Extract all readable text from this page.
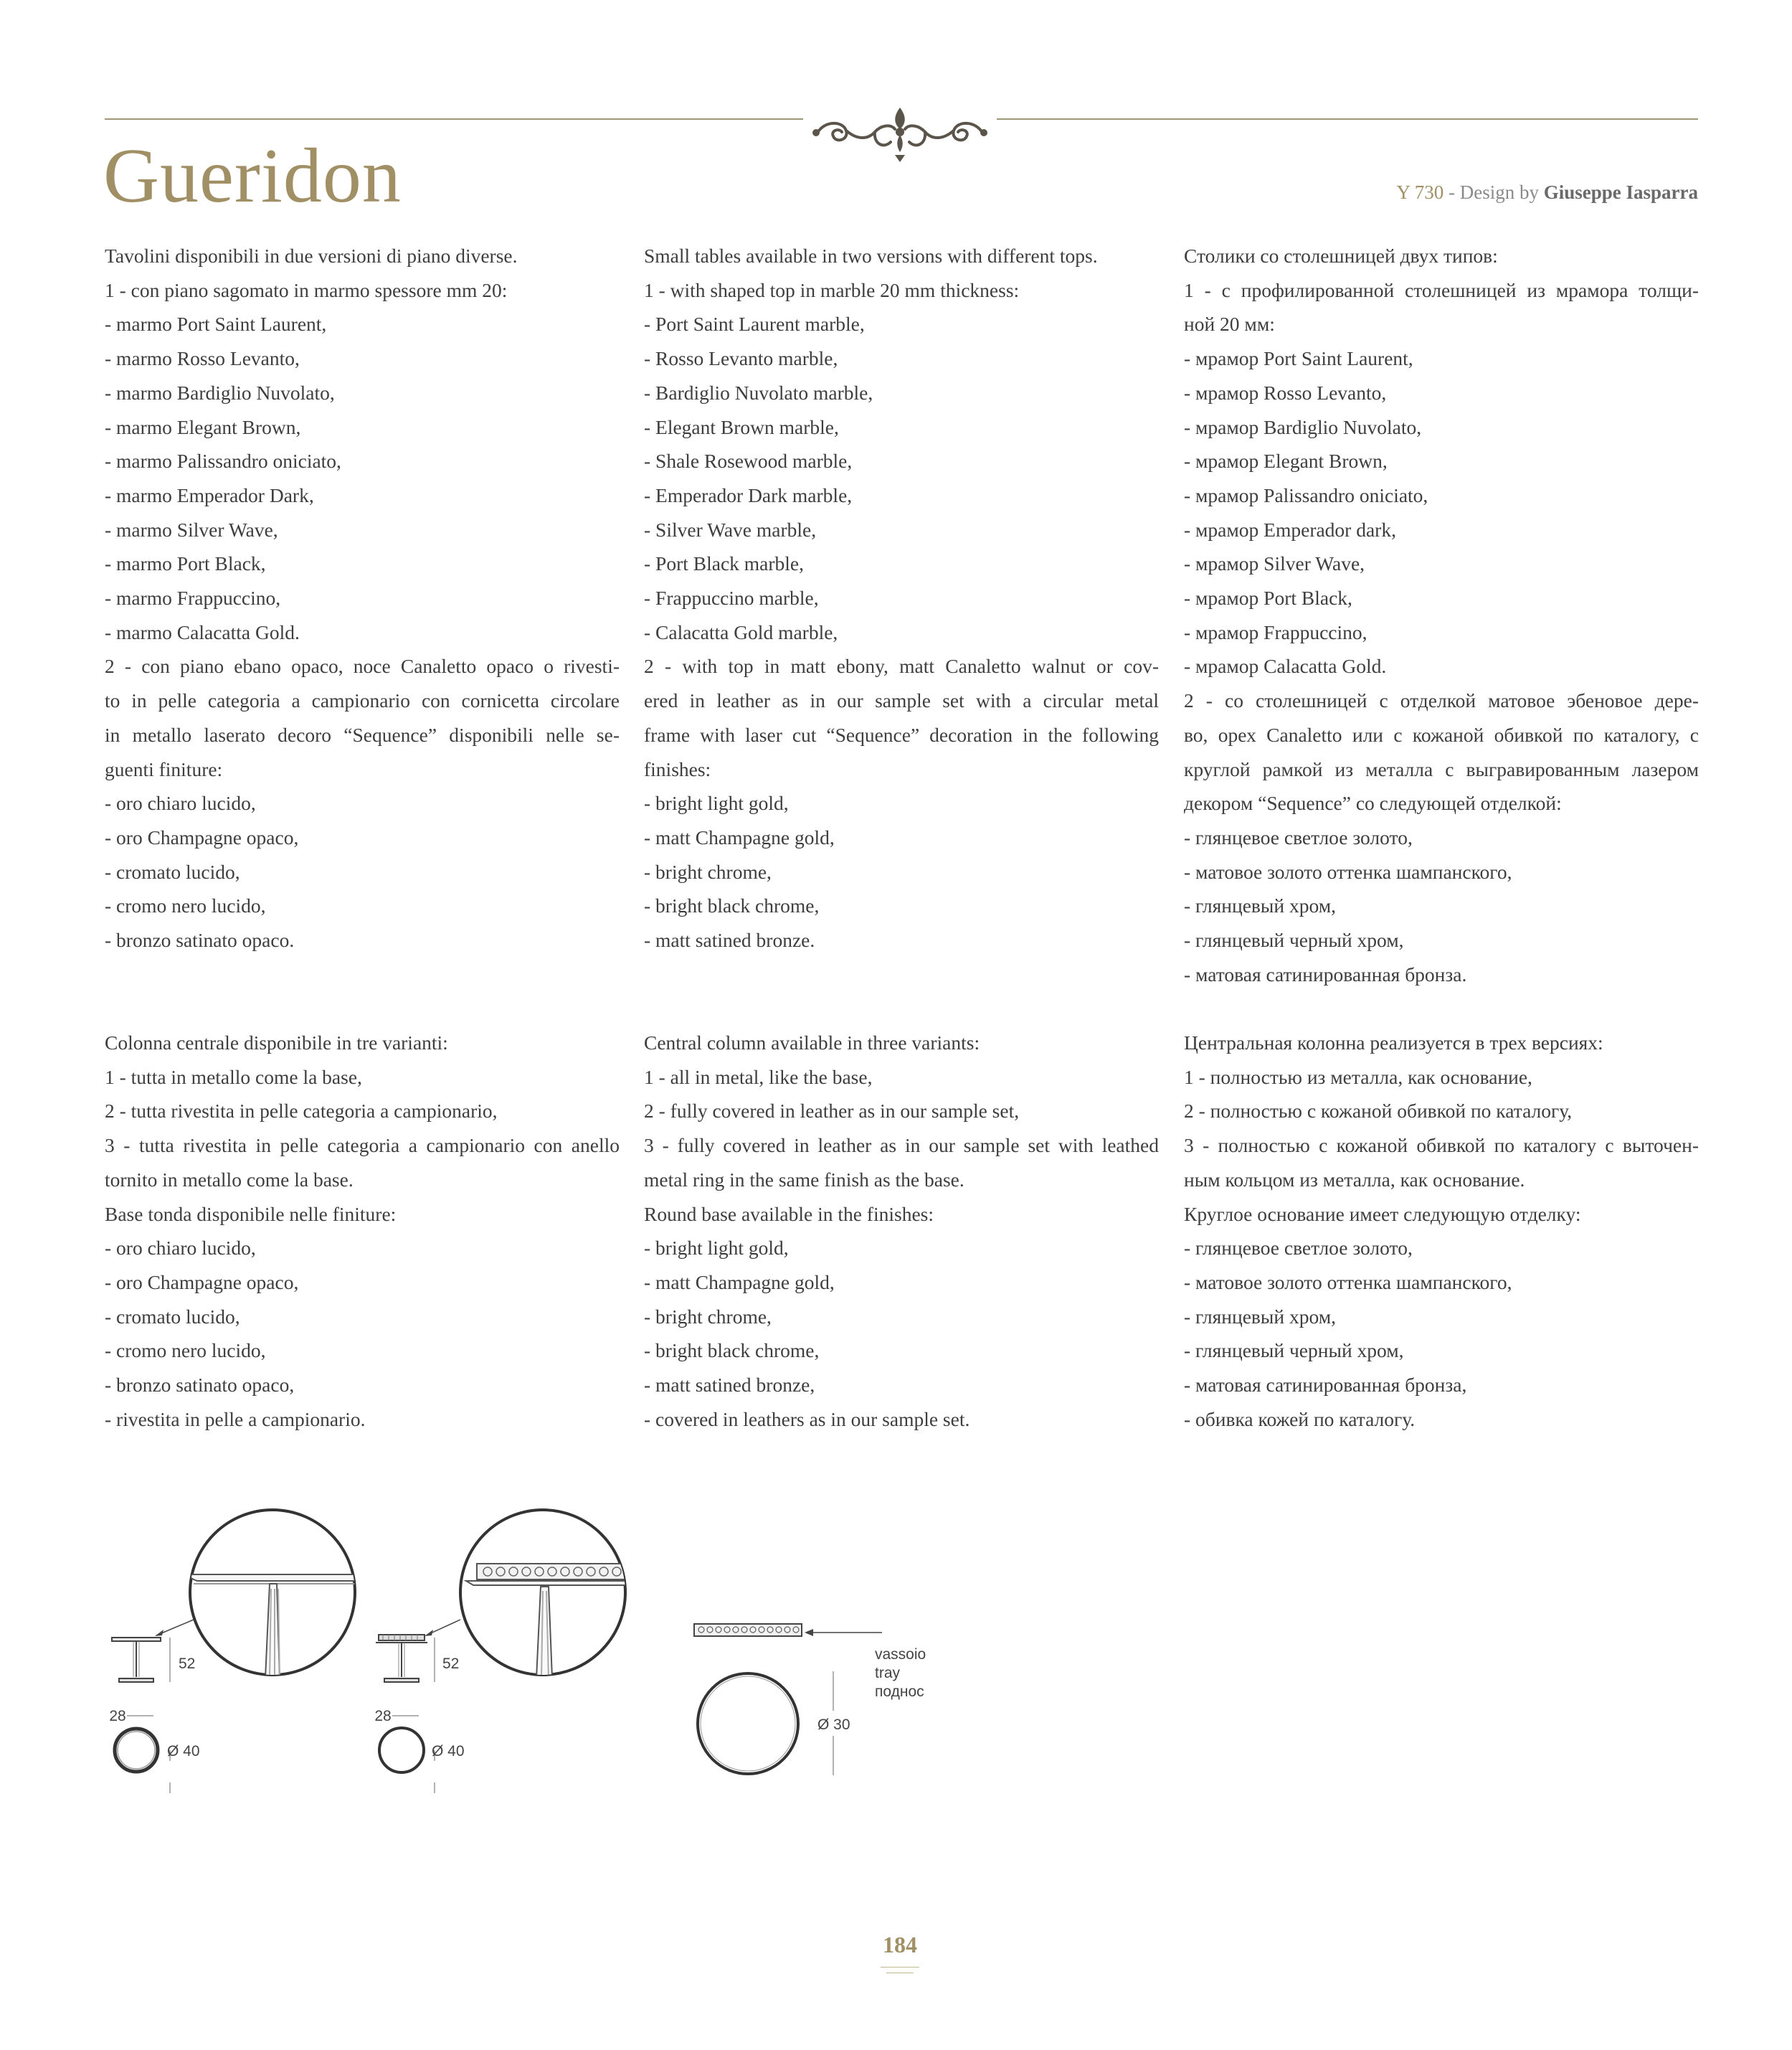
Gueridon	Y 730 - Design by Giuseppe Iasparra
Tavolini disponibili in due versioni di piano diverse.
1 - con piano sagomato in marmo spessore mm 20:
- marmo Port Saint Laurent,
- marmo Rosso Levanto,
- marmo Bardiglio Nuvolato,
- marmo Elegant Brown,
- marmo Palissandro oniciato,
- marmo Emperador Dark,
- marmo Silver Wave,
- marmo Port Black,
- marmo Frappuccino,
- marmo Calacatta Gold.
2 - con piano ebano opaco, noce Canaletto opaco o rivesti-
to in pelle categoria a campionario con cornicetta circolare
in metallo laserato decoro “Sequence” disponibili nelle se-
guenti finiture:
- oro chiaro lucido,
- oro Champagne opaco,
- cromato lucido,
- cromo nero lucido,
- bronzo satinato opaco.
Small tables available in two versions with different tops.
1 - with shaped top in marble 20 mm thickness:
- Port Saint Laurent marble,
- Rosso Levanto marble,
- Bardiglio Nuvolato marble,
- Elegant Brown marble,
- Shale Rosewood marble,
- Emperador Dark marble,
- Silver Wave marble,
- Port Black marble,
- Frappuccino marble,
- Calacatta Gold marble,
2 - with top in matt ebony, matt Canaletto walnut or cov-
ered in leather as in our sample set with a circular metal
frame with laser cut “Sequence” decoration in the following
finishes:
- bright light gold,
- matt Champagne gold,
- bright chrome,
- bright black chrome,
- matt satined bronze.
Столики со столешницей двух типов:
1 - с профилированной столешницей из мрамора толщи-
ной 20 мм:
- мрамор Port Saint Laurent,
- мрамор Rosso Levanto,
- мрамор Bardiglio Nuvolato,
- мрамор Elegant Brown,
- мрамор Palissandro oniciato,
- мрамор Emperador dark,
- мрамор Silver Wave,
- мрамор Port Black,
- мрамор Frappuccino,
- мрамор Calacatta Gold.
2 - со столешницей с отделкой матовое эбеновое дере-
во, орех Canaletto или с кожаной обивкой по каталогу, с
круглой рамкой из металла с выгравированным лазером
декором “Sequence” со следующей отделкой:
- глянцевое светлое золото,
- матовое золото оттенка шампанского,
- глянцевый хром,
- глянцевый черный хром,
- матовая сатинированная бронза.
Colonna centrale disponibile in tre varianti:
1 - tutta in metallo come la base,
2 - tutta rivestita in pelle categoria a campionario,
3 - tutta rivestita in pelle categoria a campionario con anello
tornito in metallo come la base.
Base tonda disponibile nelle finiture:
- oro chiaro lucido,
- oro Champagne opaco,
- cromato lucido,
- cromo nero lucido,
- bronzo satinato opaco,
- rivestita in pelle a campionario.
Central column available in three variants:
1 - all in metal, like the base,
2 - fully covered in leather as in our sample set,
3 - fully covered in leather as in our sample set with leathed
metal ring in the same finish as the base.
Round base available in the finishes:
- bright light gold,
- matt Champagne gold,
- bright chrome,
- bright black chrome,
- matt satined bronze,
- covered in leathers as in our sample set.
Центральная колонна реализуется в трех версиях:
1 - полностью из металла, как основание,
2 - полностью с кожаной обивкой по каталогу,
3 - полностью с кожаной обивкой по каталогу с выточен-
ным кольцом из металла, как основание.
Круглое основание имеет следующую отделку:
- глянцевое светлое золото,
- матовое золото оттенка шампанского,
- глянцевый хром,
- глянцевый черный хром,
- матовая сатинированная бронза,
- обивка кожей по каталогу.
28
52
Ø 40
28
52
Ø 40
Ø 30
vassoio
tray
поднос
184
